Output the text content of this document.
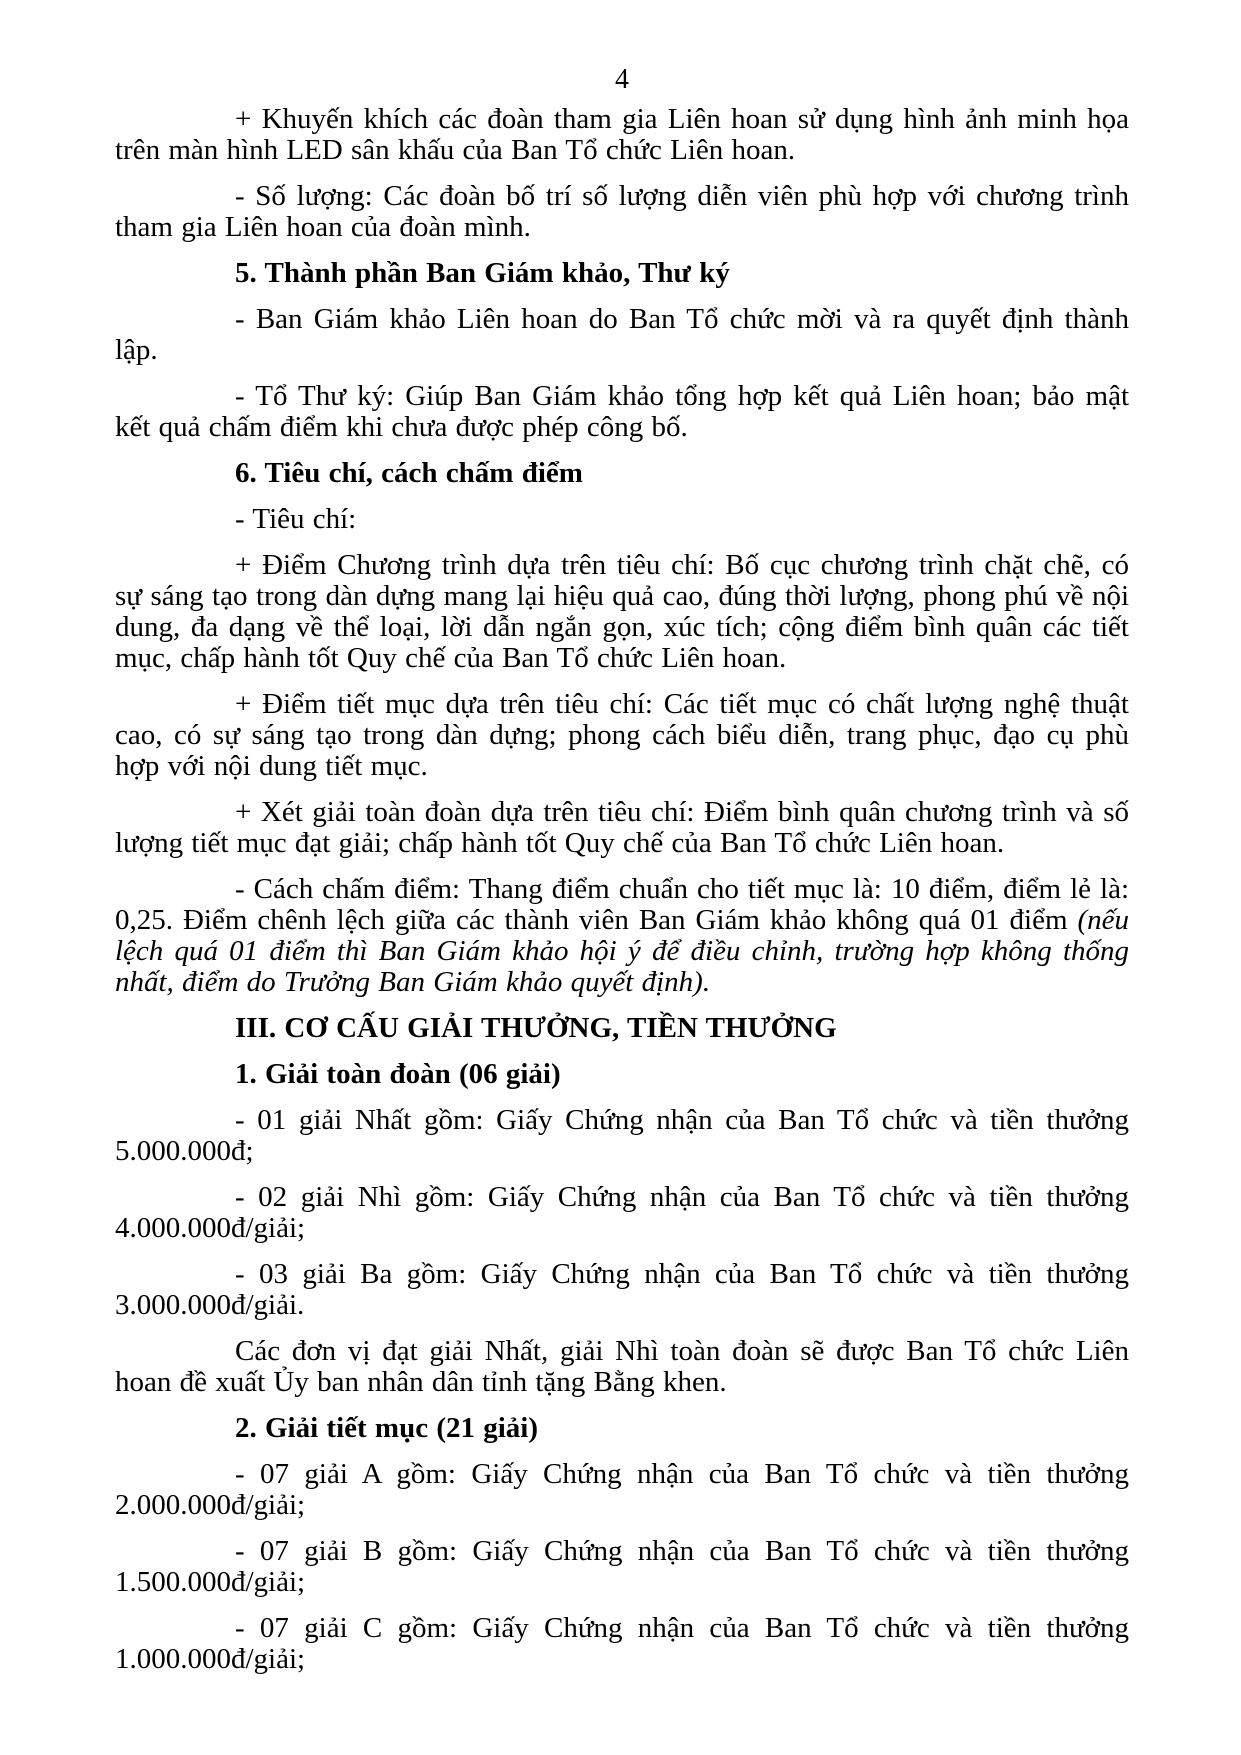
4

+ Khuyến khích các đoàn tham gia Liên hoan sử dụng hình ảnh minh họa trên màn hình LED sân khấu của Ban Tổ chức Liên hoan.

- Số lượng: Các đoàn bố trí số lượng diễn viên phù hợp với chương trình tham gia Liên hoan của đoàn mình.

5. Thành phần Ban Giám khảo, Thư ký

- Ban Giám khảo Liên hoan do Ban Tổ chức mời và ra quyết định thành lập.

- Tổ Thư ký: Giúp Ban Giám khảo tổng hợp kết quả Liên hoan; bảo mật kết quả chấm điểm khi chưa được phép công bố.

6. Tiêu chí, cách chấm điểm

- Tiêu chí:

+ Điểm Chương trình dựa trên tiêu chí: Bố cục chương trình chặt chẽ, có sự sáng tạo trong dàn dựng mang lại hiệu quả cao, đúng thời lượng, phong phú về nội dung, đa dạng về thể loại, lời dẫn ngắn gọn, xúc tích; cộng điểm bình quân các tiết mục, chấp hành tốt Quy chế của Ban Tổ chức Liên hoan.

+ Điểm tiết mục dựa trên tiêu chí: Các tiết mục có chất lượng nghệ thuật cao, có sự sáng tạo trong dàn dựng; phong cách biểu diễn, trang phục, đạo cụ phù hợp với nội dung tiết mục.

+ Xét giải toàn đoàn dựa trên tiêu chí: Điểm bình quân chương trình và số lượng tiết mục đạt giải; chấp hành tốt Quy chế của Ban Tổ chức Liên hoan.

- Cách chấm điểm: Thang điểm chuẩn cho tiết mục là: 10 điểm, điểm lẻ là: 0,25. Điểm chênh lệch giữa các thành viên Ban Giám khảo không quá 01 điểm (nếu lệch quá 01 điểm thì Ban Giám khảo hội ý để điều chỉnh, trường hợp không thống nhất, điểm do Trưởng Ban Giám khảo quyết định).

III. CƠ CẤU GIẢI THƯỞNG, TIỀN THƯỞNG

1. Giải toàn đoàn (06 giải)

- 01 giải Nhất gồm: Giấy Chứng nhận của Ban Tổ chức và tiền thưởng 5.000.000đ;

- 02 giải Nhì gồm: Giấy Chứng nhận của Ban Tổ chức và tiền thưởng 4.000.000đ/giải;

- 03 giải Ba gồm: Giấy Chứng nhận của Ban Tổ chức và tiền thưởng 3.000.000đ/giải.

Các đơn vị đạt giải Nhất, giải Nhì toàn đoàn sẽ được Ban Tổ chức Liên hoan đề xuất Ủy ban nhân dân tỉnh tặng Bằng khen.

2. Giải tiết mục (21 giải)

- 07 giải A gồm: Giấy Chứng nhận của Ban Tổ chức và tiền thưởng 2.000.000đ/giải;

- 07 giải B gồm: Giấy Chứng nhận của Ban Tổ chức và tiền thưởng 1.500.000đ/giải;

- 07 giải C gồm: Giấy Chứng nhận của Ban Tổ chức và tiền thưởng 1.000.000đ/giải;
